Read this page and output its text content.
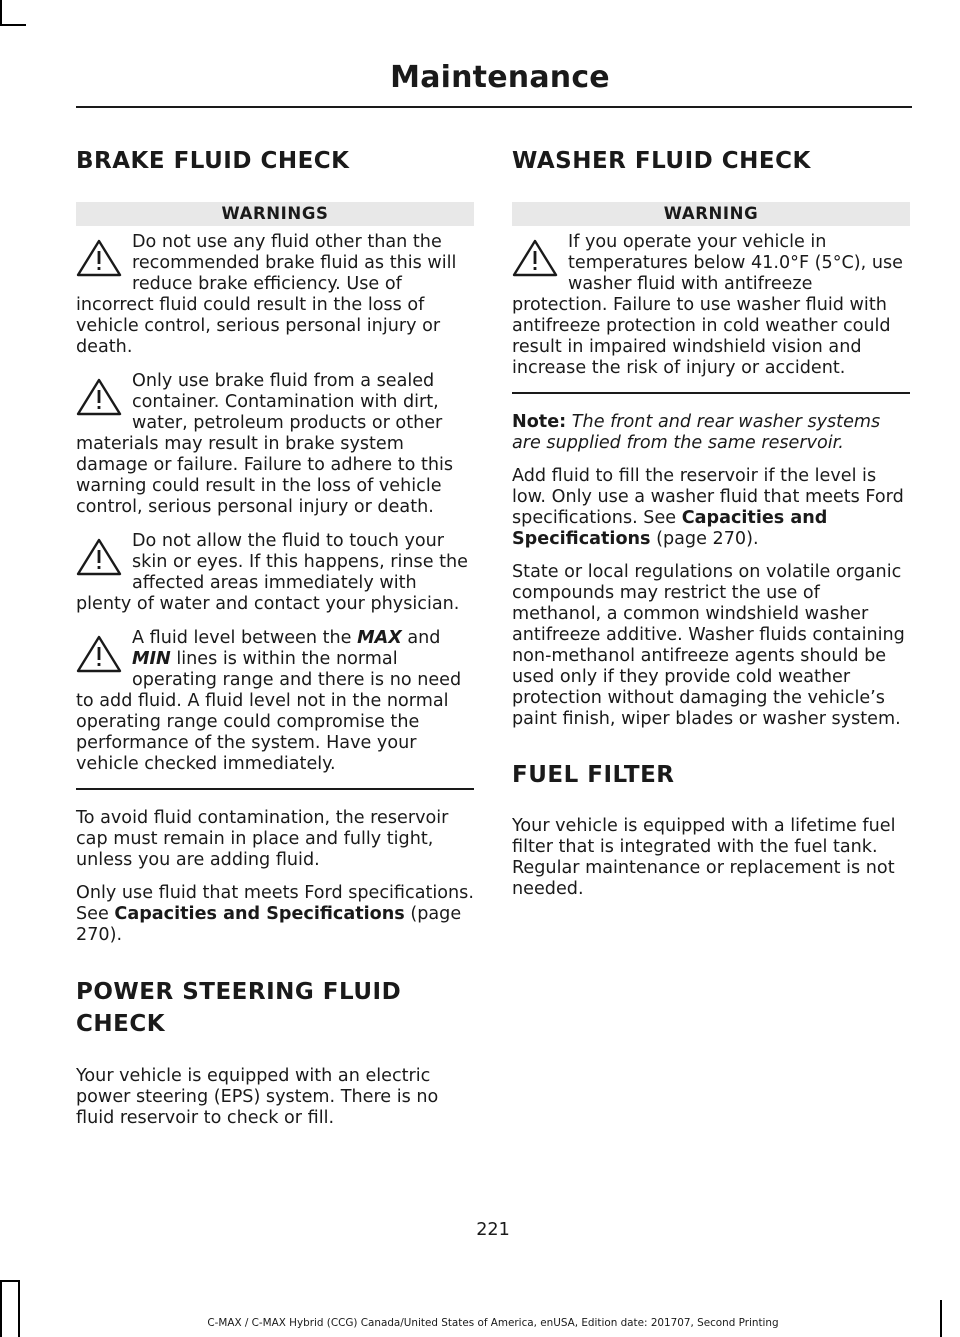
Maintenance
BRAKE FLUID CHECK
WARNINGS
Do not use any fluid other than the recommended brake fluid as this will reduce brake efficiency. Use of incorrect fluid could result in the loss of vehicle control, serious personal injury or death.
Only use brake fluid from a sealed container. Contamination with dirt, water, petroleum products or other materials may result in brake system damage or failure. Failure to adhere to this warning could result in the loss of vehicle control, serious personal injury or death.
Do not allow the fluid to touch your skin or eyes. If this happens, rinse the affected areas immediately with plenty of water and contact your physician.
A fluid level between the MAX and MIN lines is within the normal operating range and there is no need to add fluid. A fluid level not in the normal operating range could compromise the performance of the system. Have your vehicle checked immediately.

To avoid fluid contamination, the reservoir cap must remain in place and fully tight, unless you are adding fluid.

Only use fluid that meets Ford specifications. See Capacities and Specifications (page 270).

POWER STEERING FLUID CHECK

Your vehicle is equipped with an electric power steering (EPS) system. There is no fluid reservoir to check or fill.

WASHER FLUID CHECK
WARNING
If you operate your vehicle in temperatures below 41.0°F (5°C), use washer fluid with antifreeze protection. Failure to use washer fluid with antifreeze protection in cold weather could result in impaired windshield vision and increase the risk of injury or accident.

Note: The front and rear washer systems are supplied from the same reservoir.

Add fluid to fill the reservoir if the level is low. Only use a washer fluid that meets Ford specifications. See Capacities and Specifications (page 270).

State or local regulations on volatile organic compounds may restrict the use of methanol, a common windshield washer antifreeze additive. Washer fluids containing non-methanol antifreeze agents should be used only if they provide cold weather protection without damaging the vehicle’s paint finish, wiper blades or washer system.

FUEL FILTER

Your vehicle is equipped with a lifetime fuel filter that is integrated with the fuel tank. Regular maintenance or replacement is not needed.

221
C-MAX / C-MAX Hybrid (CCG) Canada/United States of America, enUSA, Edition date: 201707, Second Printing
